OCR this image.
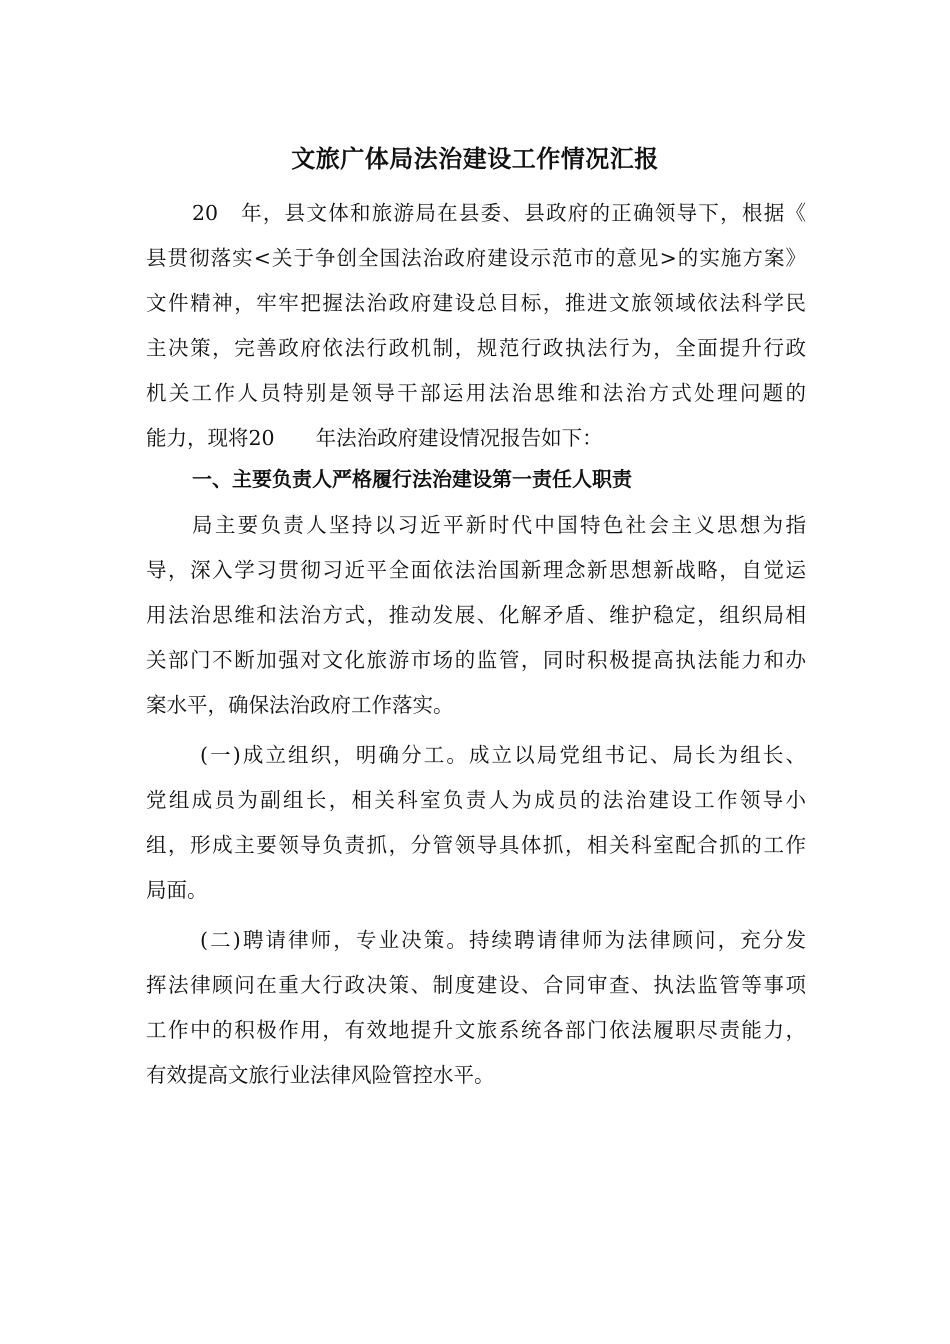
文旅广体局法治建设工作情况汇报

20　年，县文体和旅游局在县委、县政府的正确领导下，根据《

县贯彻落实<关于争创全国法治政府建设示范市的意见>的实施方案》

文件精神，牢牢把握法治政府建设总目标，推进文旅领域依法科学民

主决策，完善政府依法行政机制，规范行政执法行为，全面提升行政

机关工作人员特别是领导干部运用法治思维和法治方式处理问题的

能力，现将20　　年法治政府建设情况报告如下：

一、主要负责人严格履行法治建设第一责任人职责

局主要负责人坚持以习近平新时代中国特色社会主义思想为指

导，深入学习贯彻习近平全面依法治国新理念新思想新战略，自觉运

用法治思维和法治方式，推动发展、化解矛盾、维护稳定，组织局相

关部门不断加强对文化旅游市场的监管，同时积极提高执法能力和办

案水平，确保法治政府工作落实。

(一)成立组织，明确分工。成立以局党组书记、局长为组长、

党组成员为副组长，相关科室负责人为成员的法治建设工作领导小

组，形成主要领导负责抓，分管领导具体抓，相关科室配合抓的工作

局面。

(二)聘请律师，专业决策。持续聘请律师为法律顾问，充分发

挥法律顾问在重大行政决策、制度建设、合同审查、执法监管等事项

工作中的积极作用，有效地提升文旅系统各部门依法履职尽责能力，

有效提高文旅行业法律风险管控水平。
